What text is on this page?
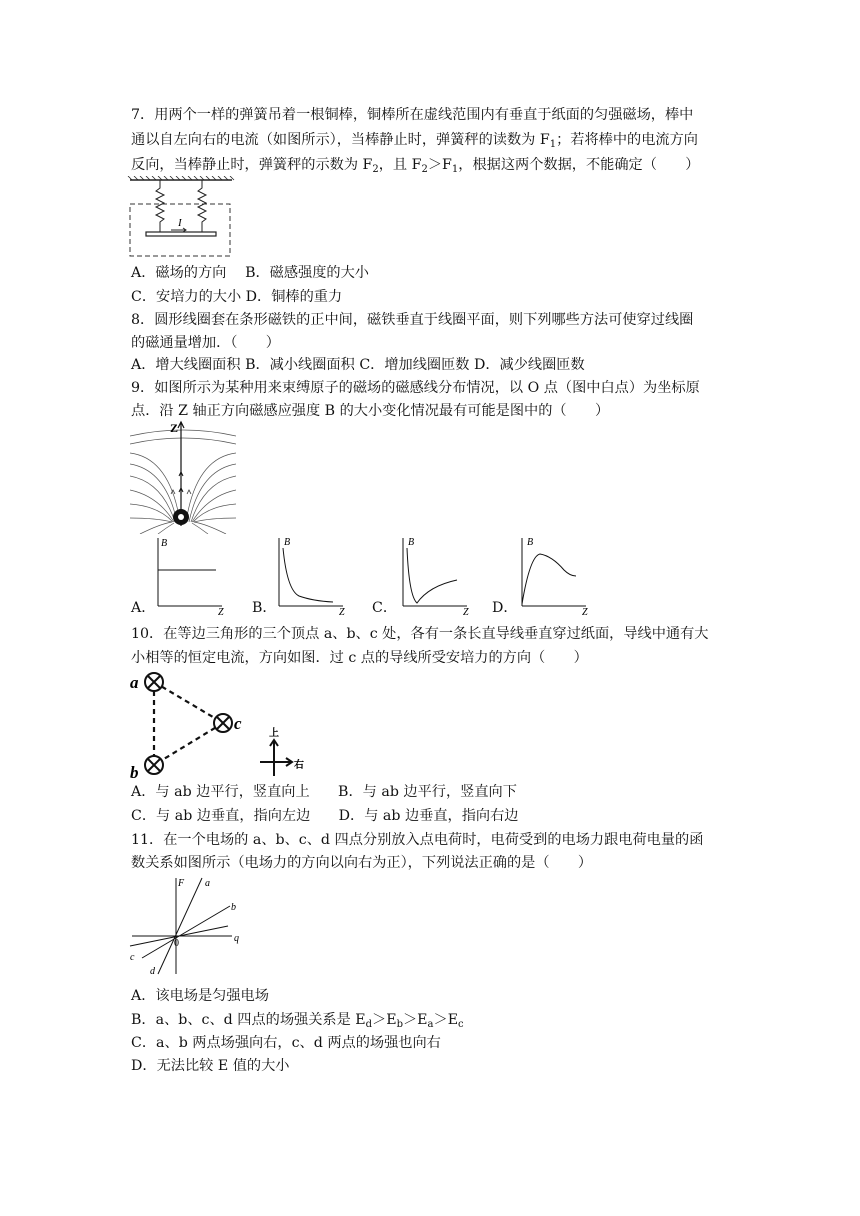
7．用两个一样的弹簧吊着一根铜棒，铜棒所在虚线范围内有垂直于纸面的匀强磁场，棒中
通以自左向右的电流（如图所示），当棒静止时，弹簧秤的读数为 $F_1$；若将棒中的电流方向
反向，当棒静止时，弹簧秤的示数为 $F_2$，且 $F_2>F_1$，根据这两个数据，不能确定（　　）
I
A．磁场的方向　 B．磁感强度的大小
C．安培力的大小 D．铜棒的重力
8．圆形线圈套在条形磁铁的正中间，磁铁垂直于线圈平面，则下列哪些方法可使穿过线圈
的磁通量增加．（　　）
A．增大线圈面积 B．减小线圈面积 C．增加线圈匝数 D．减少线圈匝数
9．如图所示为某种用来束缚原子的磁场的磁感线分布情况，以 O 点（图中白点）为坐标原
点．沿 Z 轴正方向磁感应强度 B 的大小变化情况最有可能是图中的（　　）
Z
B
Z
B
Z
B
Z
B
Z
A．	B．	C．	D．
10．在等边三角形的三个顶点 a、b、c 处，各有一条长直导线垂直穿过纸面，导线中通有大
小相等的恒定电流，方向如图．过 c 点的导线所受安培力的方向（　　）
a
c
b
上
右
A．与 ab 边平行，竖直向上　　B．与 ab 边平行，竖直向下
C．与 ab 边垂直，指向左边　　D．与 ab 边垂直，指向右边
11．在一个电场的 a、b、c、d 四点分别放入点电荷时，电荷受到的电场力跟电荷电量的函
数关系如图所示（电场力的方向以向右为正），下列说法正确的是（　　）
F a
b
q
0
c
d
A．该电场是匀强电场
B．a、b、c、d 四点的场强关系是 $E_d>E_b>E_a>E_c$
C．a、b 两点场强向右，c、d 两点的场强也向右
D．无法比较 E 值的大小
